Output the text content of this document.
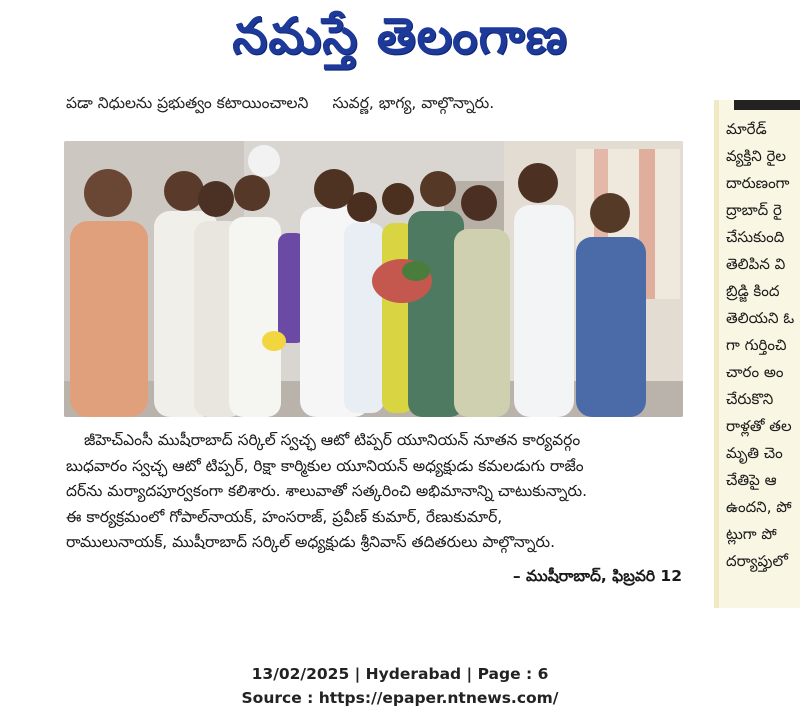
నమస్తే తెలంగాణ
పడా నిధులను ప్రభుత్వం కటాయించాలని సువర్ణ, భాగ్య, వాల్గొన్నారు.

జీహెచ్‌ఎంసీ ముషీరాబాద్ సర్కిల్ స్వచ్ఛ ఆటో టిప్పర్ యూనియన్ నూతన కార్యవర్గం

బుధవారం స్వచ్ఛ ఆటో టిప్పర్, రిక్షా కార్మికుల యూనియన్ అధ్యక్షుడు కమలడుగు రాజేం

దర్‌ను మర్యాదపూర్వకంగా కలిశారు. శాలువాతో సత్కరించి అభిమానాన్ని చాటుకున్నారు.

ఈ కార్యక్రమంలో గోపాల్‌నాయక్, హంసరాజ్, ప్రవీణ్ కుమార్, రేణుకుమార్,

రాములునాయక్, ముషీరాబాద్ సర్కిల్ అధ్యక్షుడు శ్రీనివాస్ తదితరులు పాల్గొన్నారు.

– ముషీరాబాద్, ఫిబ్రవరి 12

మారేడ్

వ్యక్తిని రైల

దారుణంగా

ద్రాబాద్ రై

చేసుకుంది

తెలిపిన వి

బ్రిడ్జి కింద

తెలియని ఓ

గా గుర్తించి

చారం అం

చేరుకొని

రాళ్లతో తల

మృతి చెం

చేతిపై ఆ

ఉందని, పో

ట్లుగా పో

దర్యాప్తులో

13/02/2025 | Hyderabad | Page : 6
Source : https://epaper.ntnews.com/
